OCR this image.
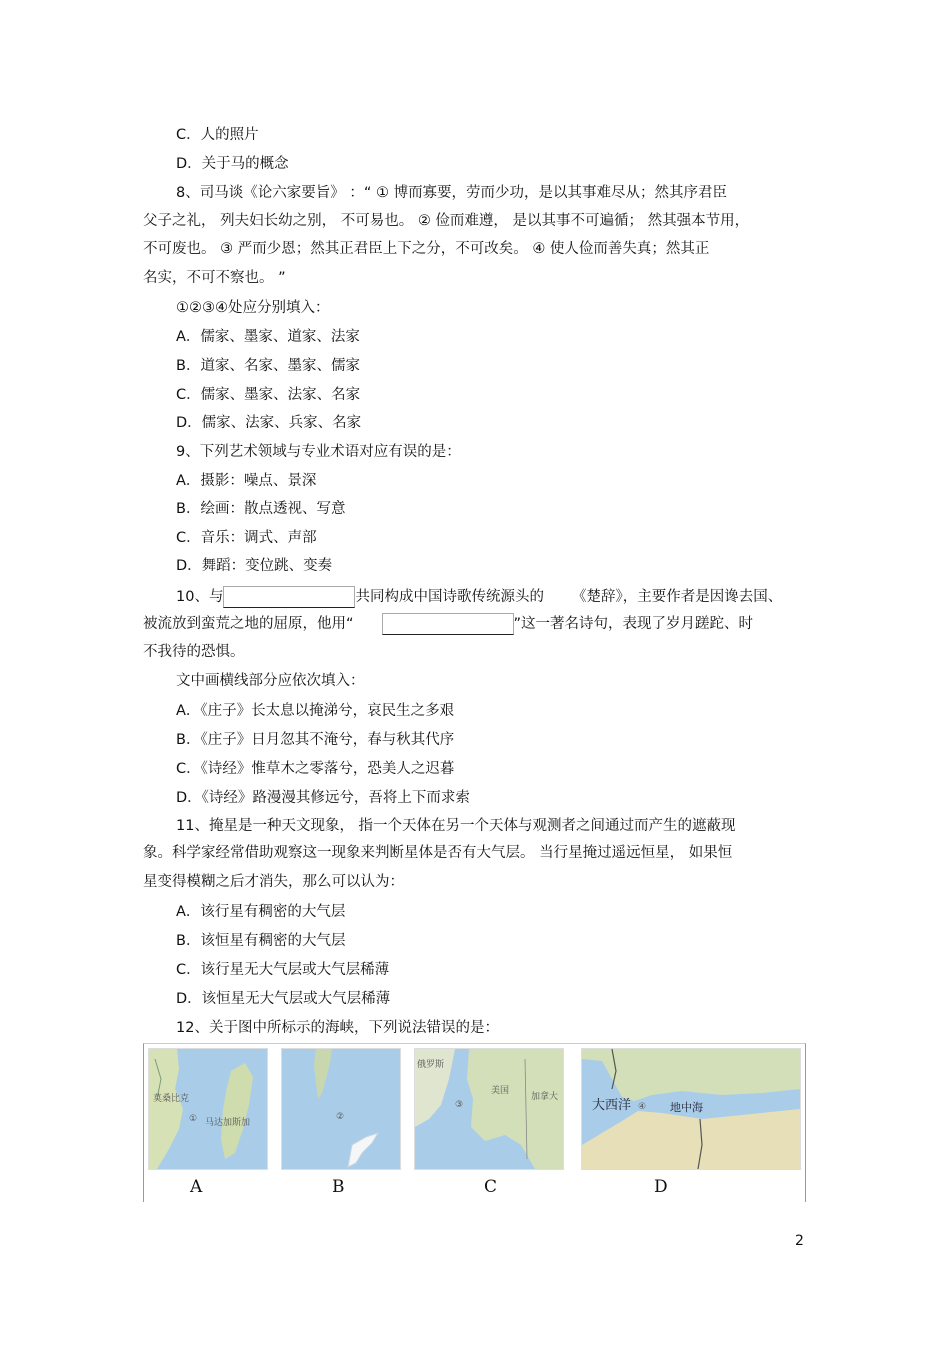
C．人的照片
D．关于马的概念
8、司马谈《论六家要旨》 ：“ ① 博而寡要，劳而少功，是以其事难尽从；然其序君臣
父子之礼， 列夫妇长幼之别， 不可易也。 ② 俭而难遵， 是以其事不可遍循； 然其强本节用，
不可废也。 ③ 严而少恩；然其正君臣上下之分，不可改矣。 ④ 使人俭而善失真；然其正
名实，不可不察也。 ”
①②③④处应分别填入：
A．儒家、墨家、道家、法家
B．道家、名家、墨家、儒家
C．儒家、墨家、法家、名家
D．儒家、法家、兵家、名家
9、下列艺术领域与专业术语对应有误的是：
A．摄影：噪点、景深
B．绘画：散点透视、写意
C．音乐：调式、声部
D．舞蹈：变位跳、变奏
10、与	共同构成中国诗歌传统源头的 《楚辞》，主要作者是因谗去国、
被流放到蛮荒之地的屈原，他用“	”这一著名诗句，表现了岁月蹉跎、时
不我待的恐惧。
文中画横线部分应依次填入：
A．《庄子》长太息以掩涕兮，哀民生之多艰
B．《庄子》日月忽其不淹兮，春与秋其代序
C．《诗经》惟草木之零落兮，恐美人之迟暮
D．《诗经》路漫漫其修远兮，吾将上下而求索
11、掩星是一种天文现象， 指一个天体在另一个天体与观测者之间通过而产生的遮蔽现
象。科学家经常借助观察这一现象来判断星体是否有大气层。 当行星掩过遥远恒星， 如果恒
星变得模糊之后才消失，那么可以认为：
A．该行星有稠密的大气层
B．该恒星有稠密的大气层
C．该行星无大气层或大气层稀薄
D．该恒星无大气层或大气层稀薄
12、关于图中所标示的海峡，下列说法错误的是：
莫桑比克
① 马达加斯加
②
俄罗斯
③
美国
加拿大
大西洋 ④ 地中海
A	B	C	D
2
